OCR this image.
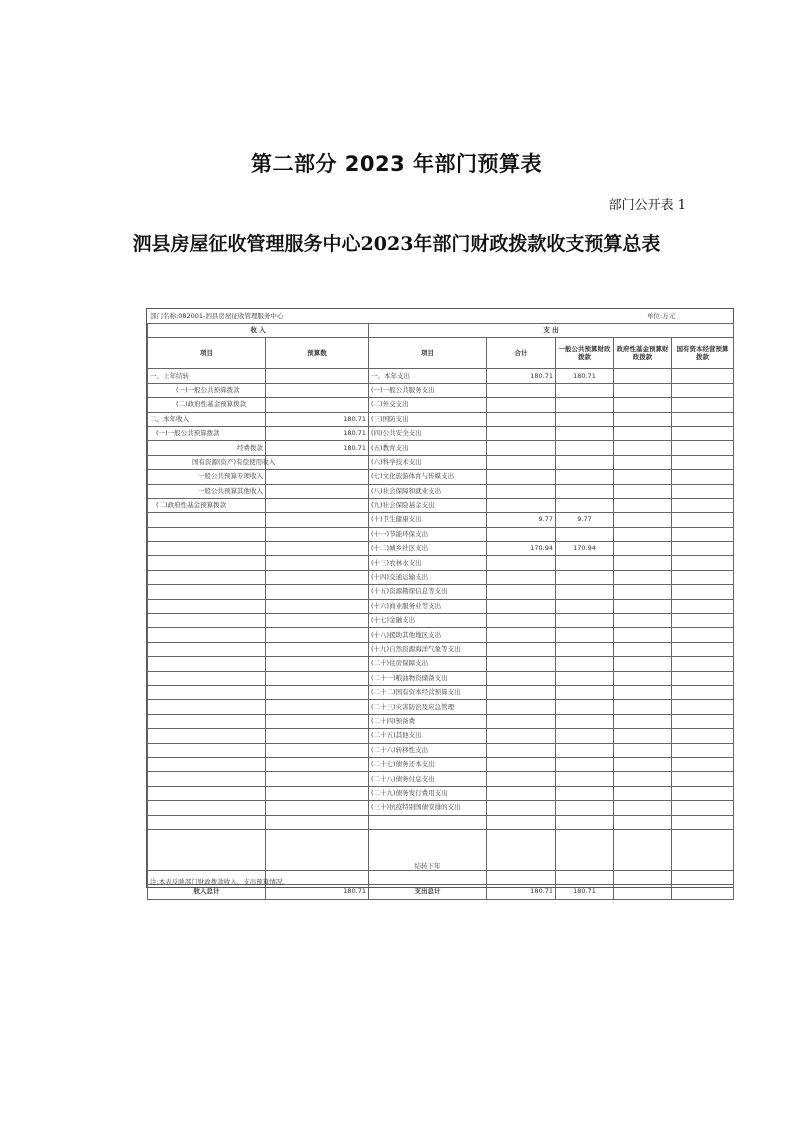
第二部分 2023 年部门预算表
部门公开表 1
泗县房屋征收管理服务中心2023年部门财政拨款收支预算总表
部门名称:082001-泗县房屋征收管理服务中心	单位:万元
收 入		支 出				
项目	预算数	项目	合计	一般公共预算财政拨款	政府性基金预算财政拨款	国有资本经营预算拨款
一、上年结转		一、本年支出	180.71	180.71		
(一)一般公共预算拨款		(一)一般公共服务支出				
(二)政府性基金预算拨款		(二)外交支出				
二、本年收入	180.71	(三)国防支出				
(一)一般公共预算拨款	180.71	(四)公共安全支出				
经费拨款	180.71	(五)教育支出				
国有资源(资产)有偿使用收入		(六)科学技术支出				
一般公共预算专项收入		(七)文化旅游体育与传媒支出				
一般公共预算其他收入		(八)社会保障和就业支出				
(二)政府性基金预算拨款		(九)社会保险基金支出				
		(十)卫生健康支出	9.77	9.77		
		(十一)节能环保支出				
		(十二)城乡社区支出	170.94	170.94		
		(十三)农林水支出				
		(十四)交通运输支出				
		(十五)资源勘探信息等支出				
		(十六)商业服务业等支出				
		(十七)金融支出				
		(十八)援助其他地区支出				
		(十九)自然资源海洋气象等支出				
		(二十)住房保障支出				
		(二十一)粮油物资储备支出				
		(二十二)国有资本经营预算支出				
		(二十三)灾害防治及应急管理				
		(二十四)预备费				
		(二十五)其他支出				
		(二十六)转移性支出				
		(二十七)债务还本支出				
		(二十八)债务付息支出				
		(二十九)债务发行费用支出				
		(三十)抗疫特别国债安排的支出				

		结转下年				

收入总计	180.71	支出总计	180.71	180.71		
注:本表反映部门财政拨款收入、支出预算情况。
